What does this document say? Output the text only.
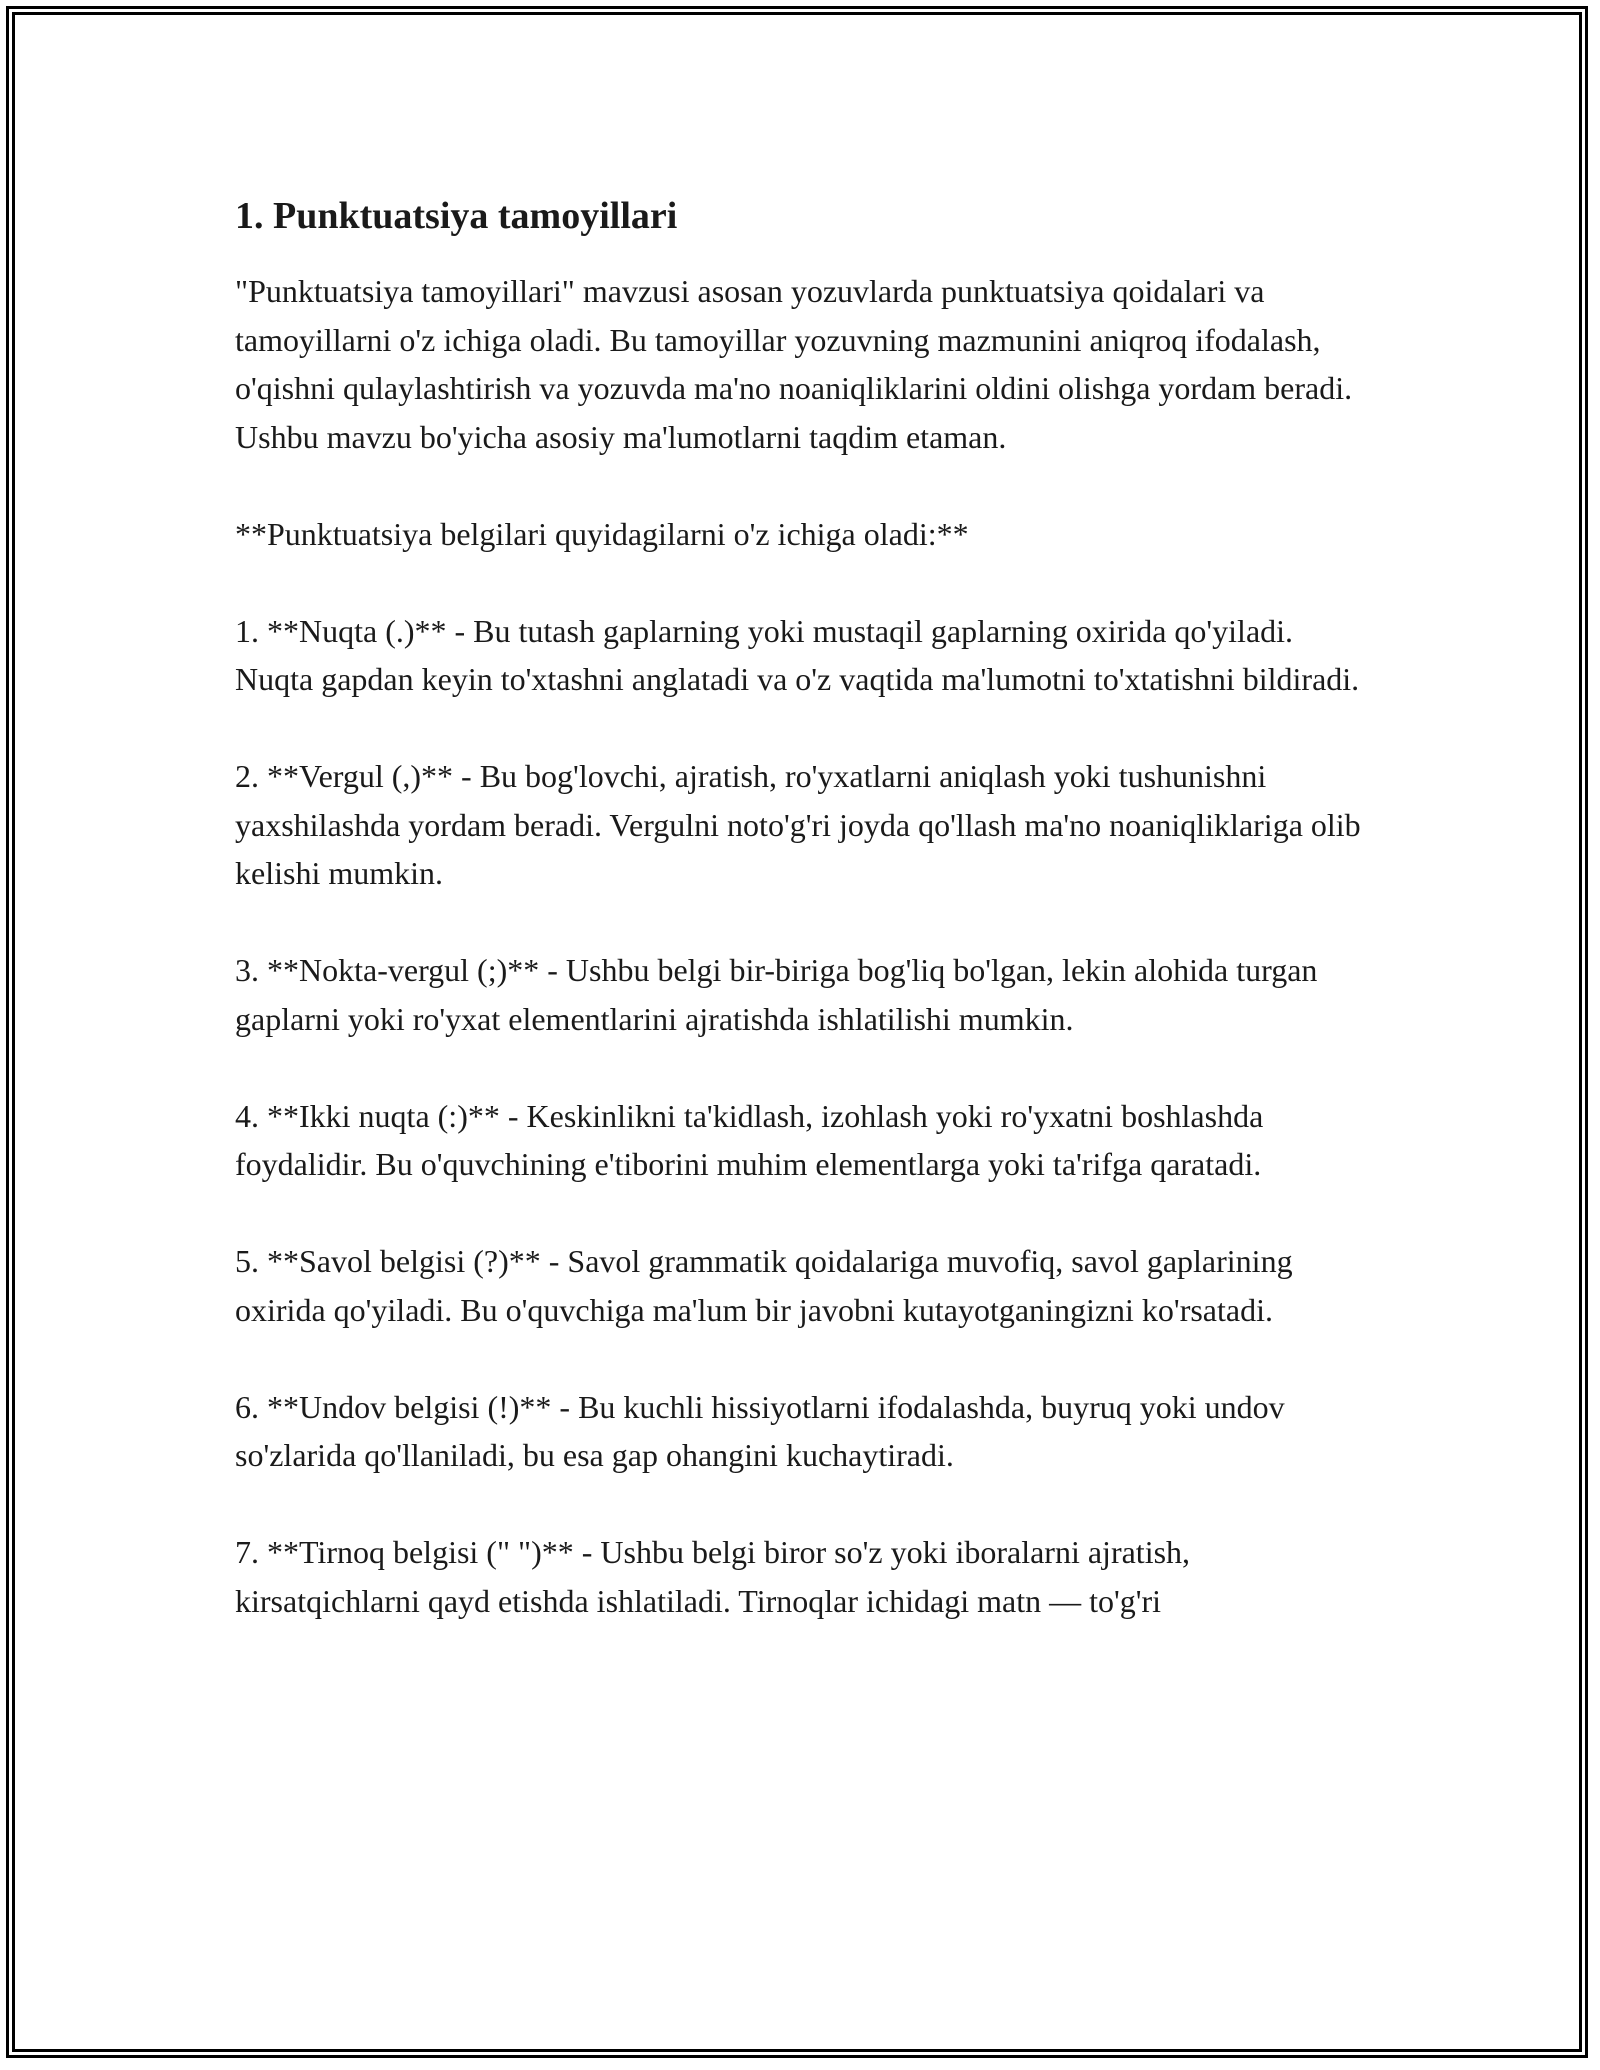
1. Punktuatsiya tamoyillari

"Punktuatsiya tamoyillari" mavzusi asosan yozuvlarda punktuatsiya qoidalari va tamoyillarni o'z ichiga oladi. Bu tamoyillar yozuvning mazmunini aniqroq ifodalash, o'qishni qulaylashtirish va yozuvda ma'no noaniqliklarini oldini olishga yordam beradi. Ushbu mavzu bo'yicha asosiy ma'lumotlarni taqdim etaman.

**Punktuatsiya belgilari quyidagilarni o'z ichiga oladi:**

1. **Nuqta (.)** - Bu tutash gaplarning yoki mustaqil gaplarning oxirida qo'yiladi. Nuqta gapdan keyin to'xtashni anglatadi va o'z vaqtida ma'lumotni to'xtatishni bildiradi.

2. **Vergul (,)** - Bu bog'lovchi, ajratish, ro'yxatlarni aniqlash yoki tushunishni yaxshilashda yordam beradi. Vergulni noto'g'ri joyda qo'llash ma'no noaniqliklariga olib kelishi mumkin.

3. **Nokta-vergul (;)** - Ushbu belgi bir-biriga bog'liq bo'lgan, lekin alohida turgan gaplarni yoki ro'yxat elementlarini ajratishda ishlatilishi mumkin.

4. **Ikki nuqta (:)** - Keskinlikni ta'kidlash, izohlash yoki ro'yxatni boshlashda foydalidir. Bu o'quvchining e'tiborini muhim elementlarga yoki ta'rifga qaratadi.

5. **Savol belgisi (?)** - Savol grammatik qoidalariga muvofiq, savol gaplarining oxirida qo'yiladi. Bu o'quvchiga ma'lum bir javobni kutayotganingizni ko'rsatadi.

6. **Undov belgisi (!)** - Bu kuchli hissiyotlarni ifodalashda, buyruq yoki undov so'zlarida qo'llaniladi, bu esa gap ohangini kuchaytiradi.

7. **Tirnoq belgisi (" ")** - Ushbu belgi biror so'z yoki iboralarni ajratish, kirsatqichlarni qayd etishda ishlatiladi. Tirnoqlar ichidagi matn — to'g'ri
